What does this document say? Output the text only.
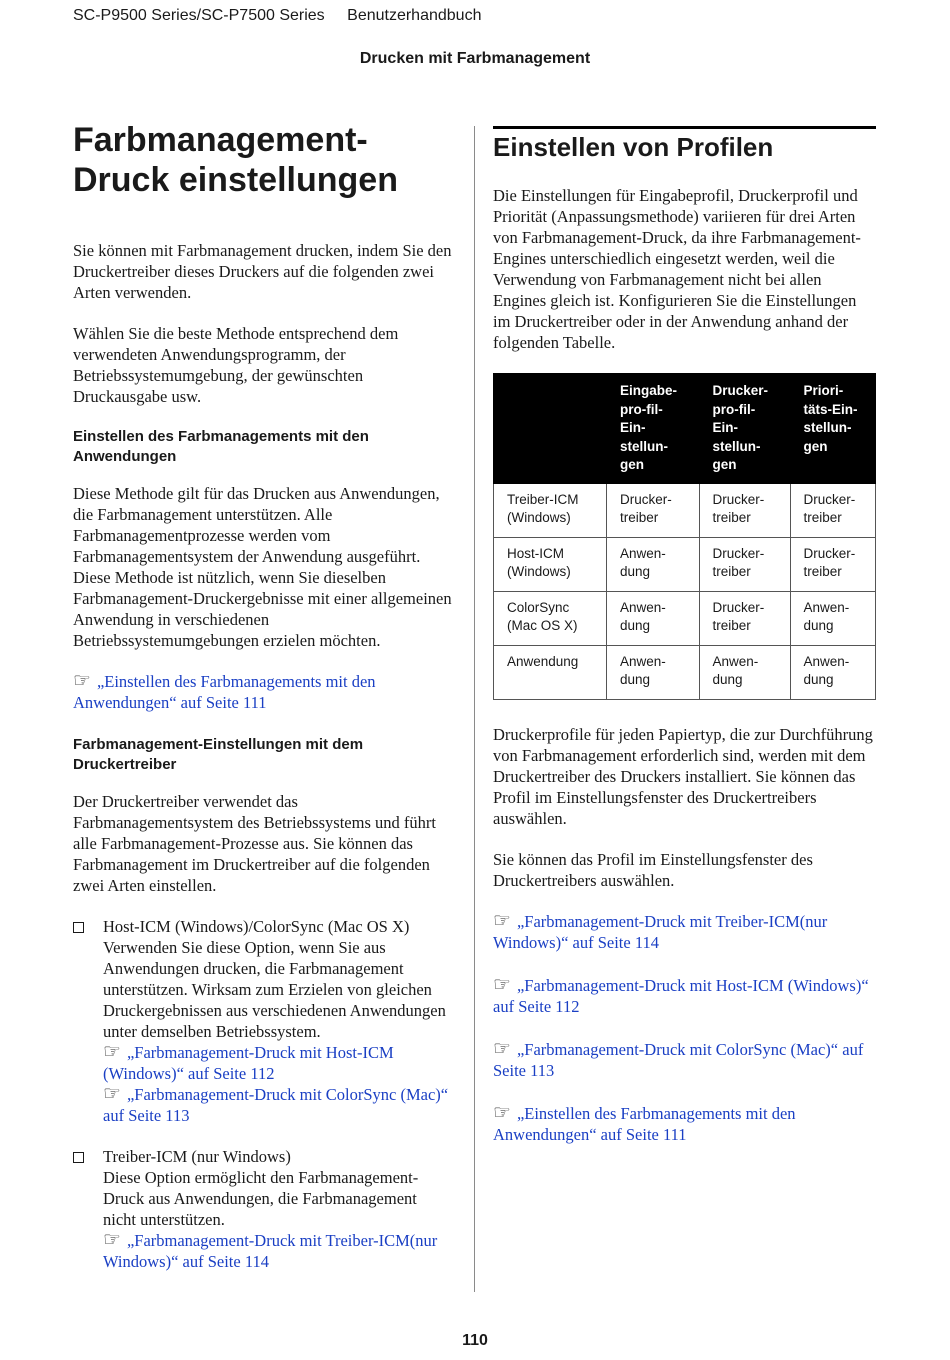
SC-P9500 Series/SC-P7500 Series Benutzerhandbuch
Drucken mit Farbmanagement
Farbmanagement-Druck einstellungen

Sie können mit Farbmanagement drucken, indem Sie den Druckertreiber dieses Druckers auf die folgenden zwei Arten verwenden.

Wählen Sie die beste Methode entsprechend dem verwendeten Anwendungsprogramm, der Betriebssystemumgebung, der gewünschten Druckausgabe usw.

Einstellen des Farbmanagements mit den Anwendungen

Diese Methode gilt für das Drucken aus Anwendungen, die Farbmanagement unterstützen. Alle Farbmanagementprozesse werden vom Farbmanagementsystem der Anwendung ausgeführt. Diese Methode ist nützlich, wenn Sie dieselben Farbmanagement-Druckergebnisse mit einer allgemeinen Anwendung in verschiedenen Betriebssystemumgebungen erzielen möchten.

☞ „Einstellen des Farbmanagements mit den Anwendungen“ auf Seite 111
Farbmanagement-Einstellungen mit dem Druckertreiber

Der Druckertreiber verwendet das Farbmanagementsystem des Betriebssystems und führt alle Farbmanagement-Prozesse aus. Sie können das Farbmanagement im Druckertreiber auf die folgenden zwei Arten einstellen.

Host-ICM (Windows)/ColorSync (Mac OS X)

Verwenden Sie diese Option, wenn Sie aus Anwendungen drucken, die Farbmanagement unterstützen. Wirksam zum Erzielen von gleichen Druckergebnissen aus verschiedenen Anwendungen unter demselben Betriebssystem.

☞ „Farbmanagement-Druck mit Host-ICM (Windows)“ auf Seite 112
☞ „Farbmanagement-Druck mit ColorSync (Mac)“ auf Seite 113

Treiber-ICM (nur Windows)

Diese Option ermöglicht den Farbmanagement-Druck aus Anwendungen, die Farbmanagement nicht unterstützen.

☞ „Farbmanagement-Druck mit Treiber-ICM(nur Windows)“ auf Seite 114
Einstellen von Profilen

Die Einstellungen für Eingabeprofil, Druckerprofil und Priorität (Anpassungsmethode) variieren für drei Arten von Farbmanagement-Druck, da ihre Farbmanagement-Engines unterschiedlich eingesetzt werden, weil die Verwendung von Farbmanagement nicht bei allen Engines gleich ist. Konfigurieren Sie die Einstellungen im Druckertreiber oder in der Anwendung anhand der folgenden Tabelle.

	Eingabe-pro-fil-Ein-stellun-gen	Drucker-pro-fil-Ein-stellun-gen	Priori-täts-Ein-stellun-gen
Treiber-ICM (Windows)	Drucker-treiber	Drucker-treiber	Drucker-treiber
Host-ICM (Windows)	Anwen-dung	Drucker-treiber	Drucker-treiber
ColorSync (Mac OS X)	Anwen-dung	Drucker-treiber	Anwen-dung
Anwendung	Anwen-dung	Anwen-dung	Anwen-dung

Druckerprofile für jeden Papiertyp, die zur Durchführung von Farbmanagement erforderlich sind, werden mit dem Druckertreiber des Druckers installiert. Sie können das Profil im Einstellungsfenster des Druckertreibers auswählen.

Sie können das Profil im Einstellungsfenster des Druckertreibers auswählen.

☞ „Farbmanagement-Druck mit Treiber-ICM(nur Windows)“ auf Seite 114
☞ „Farbmanagement-Druck mit Host-ICM (Windows)“ auf Seite 112
☞ „Farbmanagement-Druck mit ColorSync (Mac)“ auf Seite 113
☞ „Einstellen des Farbmanagements mit den Anwendungen“ auf Seite 111
110
